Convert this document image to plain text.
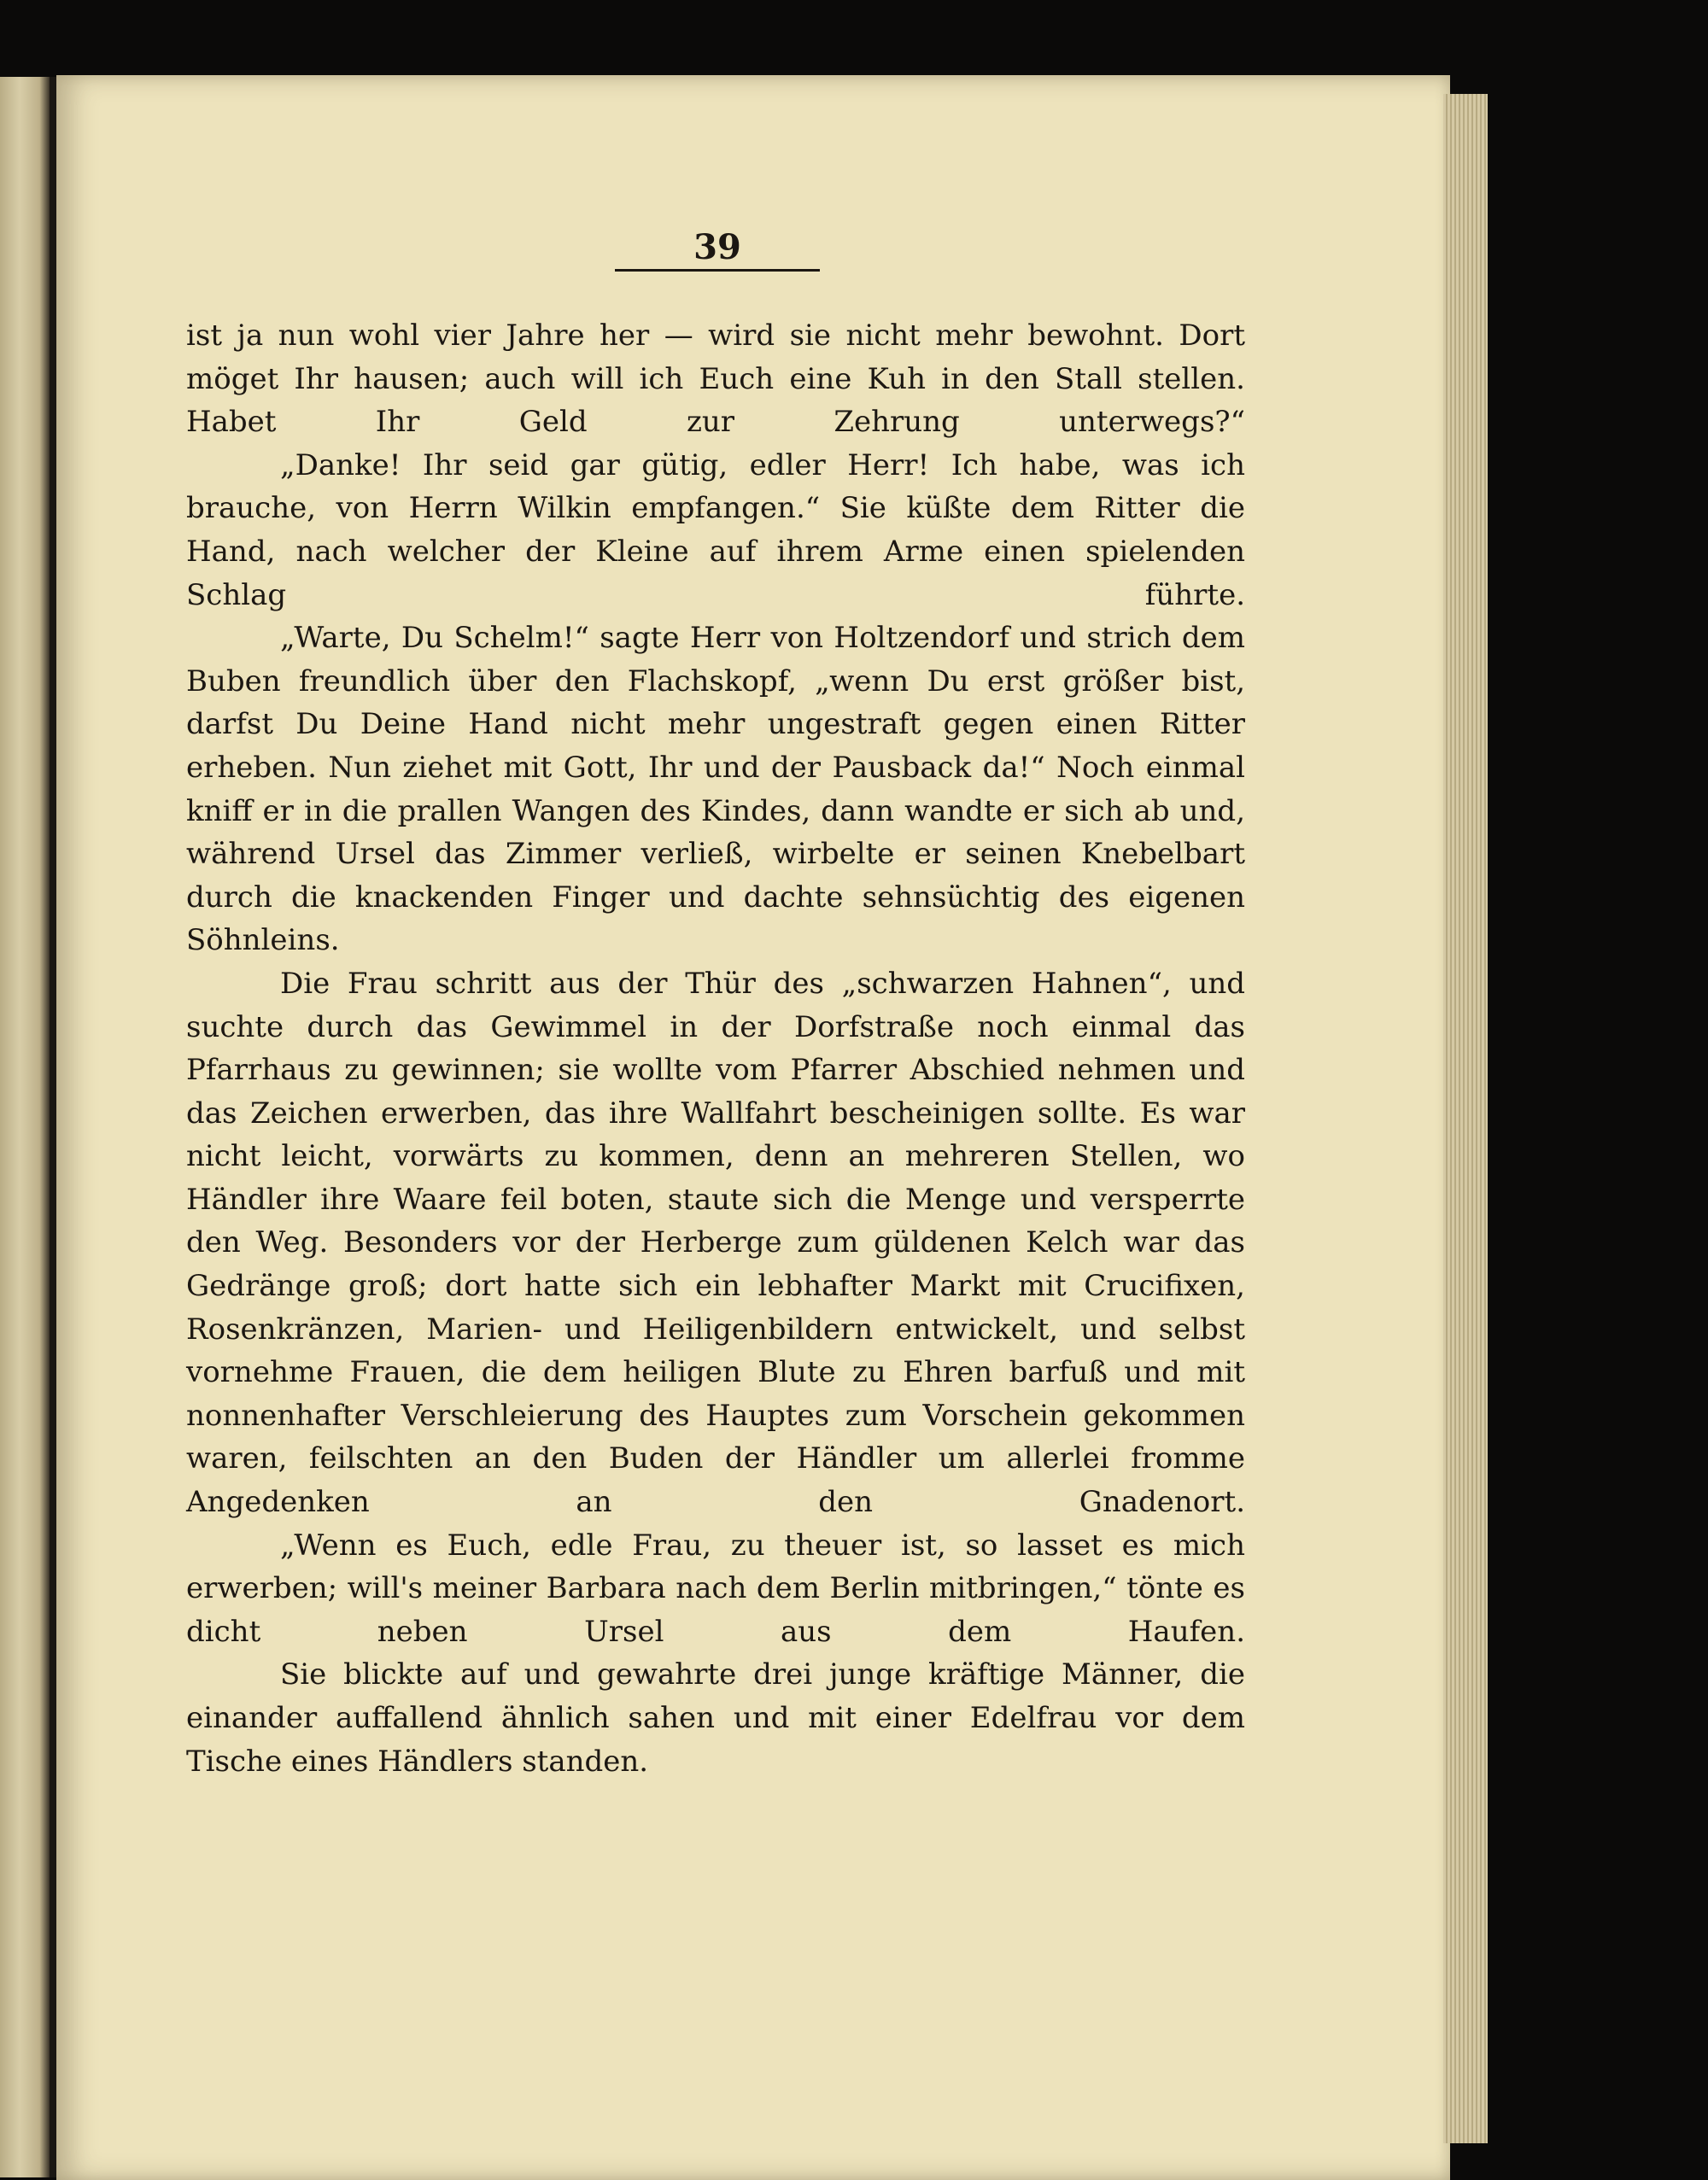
39

ist ja nun wohl vier Jahre her — wird sie nicht mehr bewohnt. Dort möget Ihr hausen; auch will ich Euch eine Kuh in den Stall stellen. Habet Ihr Geld zur Zehrung unterwegs?“

„Danke! Ihr seid gar gütig, edler Herr! Ich habe, was ich brauche, von Herrn Wilkin empfangen.“ Sie küßte dem Ritter die Hand, nach welcher der Kleine auf ihrem Arme einen spielenden Schlag führte.

„Warte, Du Schelm!“ sagte Herr von Holtzendorf und strich dem Buben freundlich über den Flachskopf, „wenn Du erst größer bist, darfst Du Deine Hand nicht mehr ungestraft gegen einen Ritter erheben. Nun ziehet mit Gott, Ihr und der Pausback da!“ Noch einmal kniff er in die prallen Wangen des Kindes, dann wandte er sich ab und, während Ursel das Zimmer verließ, wirbelte er seinen Knebelbart durch die knackenden Finger und dachte sehnsüchtig des eigenen Söhnleins.

Die Frau schritt aus der Thür des „schwarzen Hahnen“, und suchte durch das Gewimmel in der Dorfstraße noch einmal das Pfarrhaus zu gewinnen; sie wollte vom Pfarrer Abschied nehmen und das Zeichen erwerben, das ihre Wallfahrt bescheinigen sollte. Es war nicht leicht, vorwärts zu kommen, denn an mehreren Stellen, wo Händler ihre Waare feil boten, staute sich die Menge und versperrte den Weg. Besonders vor der Herberge zum güldenen Kelch war das Gedränge groß; dort hatte sich ein lebhafter Markt mit Crucifixen, Rosenkränzen, Marien- und Heiligenbildern entwickelt, und selbst vornehme Frauen, die dem heiligen Blute zu Ehren barfuß und mit nonnenhafter Verschleierung des Hauptes zum Vorschein gekommen waren, feilschten an den Buden der Händler um allerlei fromme Angedenken an den Gnadenort.

„Wenn es Euch, edle Frau, zu theuer ist, so lasset es mich erwerben; will's meiner Barbara nach dem Berlin mitbringen,“ tönte es dicht neben Ursel aus dem Haufen.

Sie blickte auf und gewahrte drei junge kräftige Männer, die einander auffallend ähnlich sahen und mit einer Edelfrau vor dem Tische eines Händlers standen.
